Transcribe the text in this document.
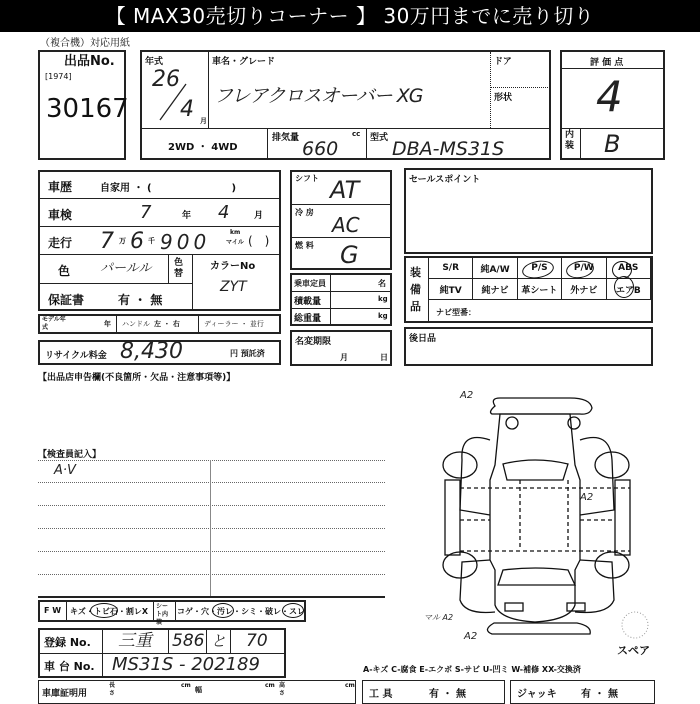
【 MAX30売切りコーナー 】 30万円までに売り切り
（複合機）対応用紙
出品No.
[1974]
30167
年式
26
4 月
車名・グレード
フレアクロスオーバー XG
ドア
形状
2WD ・ 4WD
排気量	cc
660	型式 DBA-MS31S
評 価 点
4
内装 B
車歴	自家用 ・ (　　　　　　　　)
車検	7	年 4	月
走行 7 万 6 千 900	km
マイル (　)
色 パールル	色替
カラーNo
ZYT
保証書	有 ・ 無
モデル年式	年 ハンドル 左 ・ 右	ディーラー ・ 並行
リサイクル料金 8,430	円 預託済
【出品店申告欄(不良箇所・欠品・注意事項等)】
シフト AT
冷 房
AC
燃 料 G
乗車定員	名
積載量	kg
総重量	kg
名変期限
月	日
セールスポイント
装備品
S/R	純A/W	P/S	P/W	ABS
純TV	純ナビ	革シート	外ナビ	エアB
ナビ型番：
後日品
【検査員記入】
A·V
A2
A2
A2
マル A2
スペア
F W キズ・トビ石・割レX
シート内装
コゲ・穴・汚レ・シミ・破レ・スレ
登録 No. 三重 586 と 70
車 台 No. MS31S - 202189	A-キズ C-腐食 E-エクボ S-サビ U-凹ミ W-補修 XX-交換済
車庫証明用
長さ
cm
幅
cm 高さ
cm
工 具	有 ・ 無	ジャッキ 有 ・ 無
